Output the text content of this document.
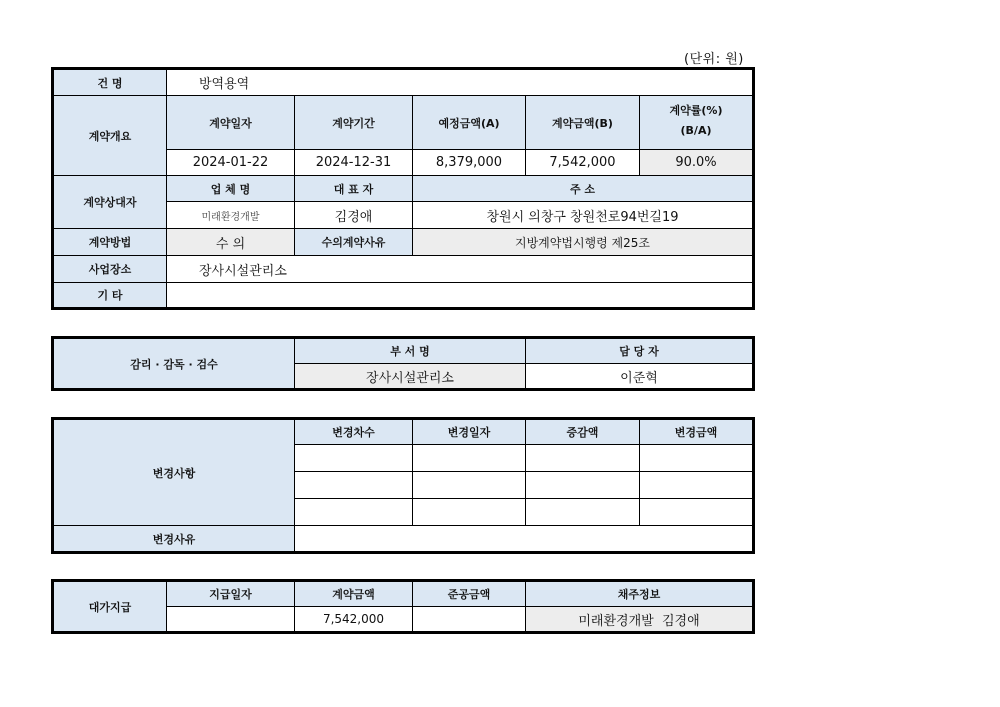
(단위: 원)
건 명	방역용역				
계약개요	계약일자	계약기간	예정금액(A)	계약금액(B)	계약률(%)
(B/A)
	2024-01-22	2024-12-31	8,379,000	7,542,000	90.0%
계약상대자	업 체 명	대 표 자	주 소		
	미래환경개발	김경애	창원시 의창구 창원천로94번길19		
계약방법	수 의	수의계약사유	지방계약법시행령 제25조		
사업장소	장사시설관리소				
기 타					
감리 · 감독 · 검수	부 서 명	담 당 자
	장사시설관리소	이준혁
변경사항	변경차수	변경일자	증감액	변경금액

변경사유				
대가지급	지급일자	계약금액	준공금액	채주정보
		7,542,000		미래환경개발  김경애
